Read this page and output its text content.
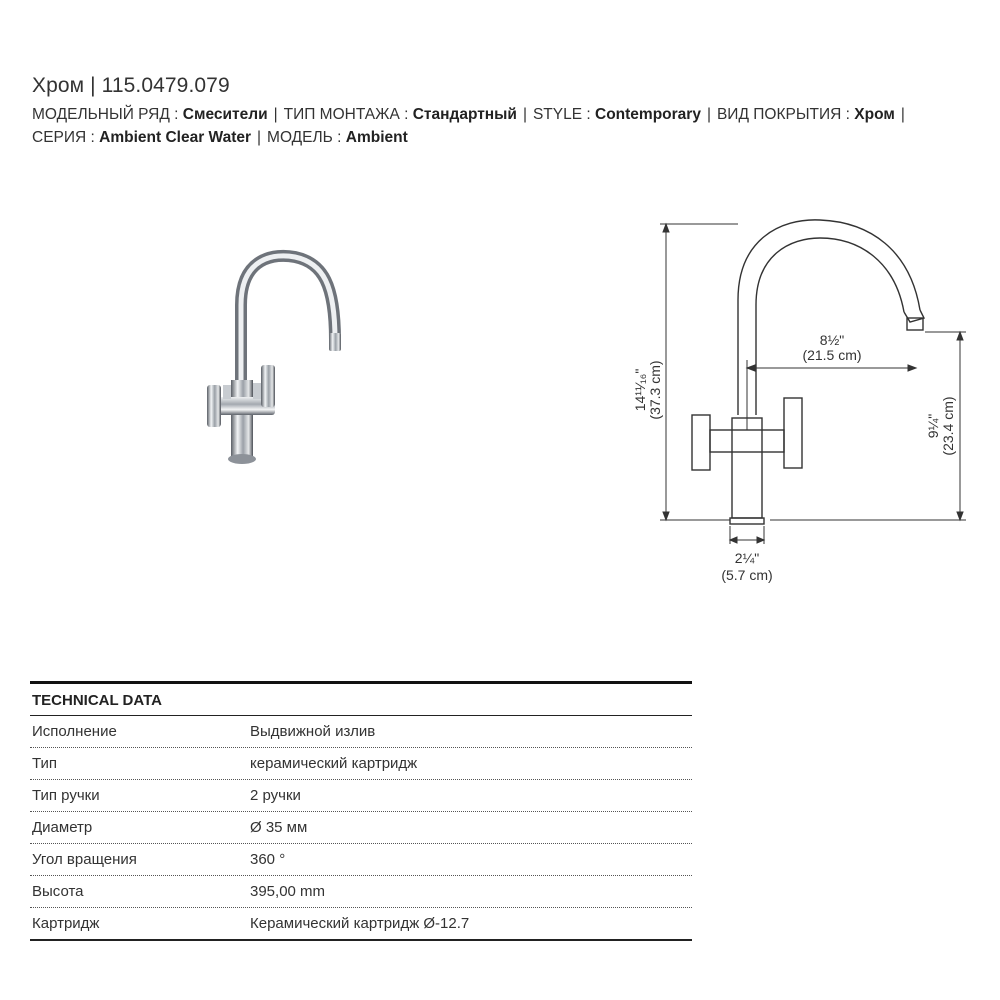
Хром | 115.0479.079
МОДЕЛЬНЫЙ РЯД : Смесители | ТИП МОНТАЖА : Стандартный | STYLE : Contemporary | ВИД ПОКРЫТИЯ : Хром |
СЕРИЯ : Ambient Clear Water | МОДЕЛЬ : Ambient
14¹¹⁄₁₆" (37.3 cm)
8½"
(21.5 cm)
9¼" (23.4 cm)
2¼"
(5.7 cm)
TECHNICAL DATA
Исполнение	Выдвижной излив
Тип	керамический картридж
Тип ручки	2 ручки
Диаметр	Ø 35 мм
Угол вращения	360 °
Высота	395,00 mm
Картридж	Керамический картридж Ø-12.7
